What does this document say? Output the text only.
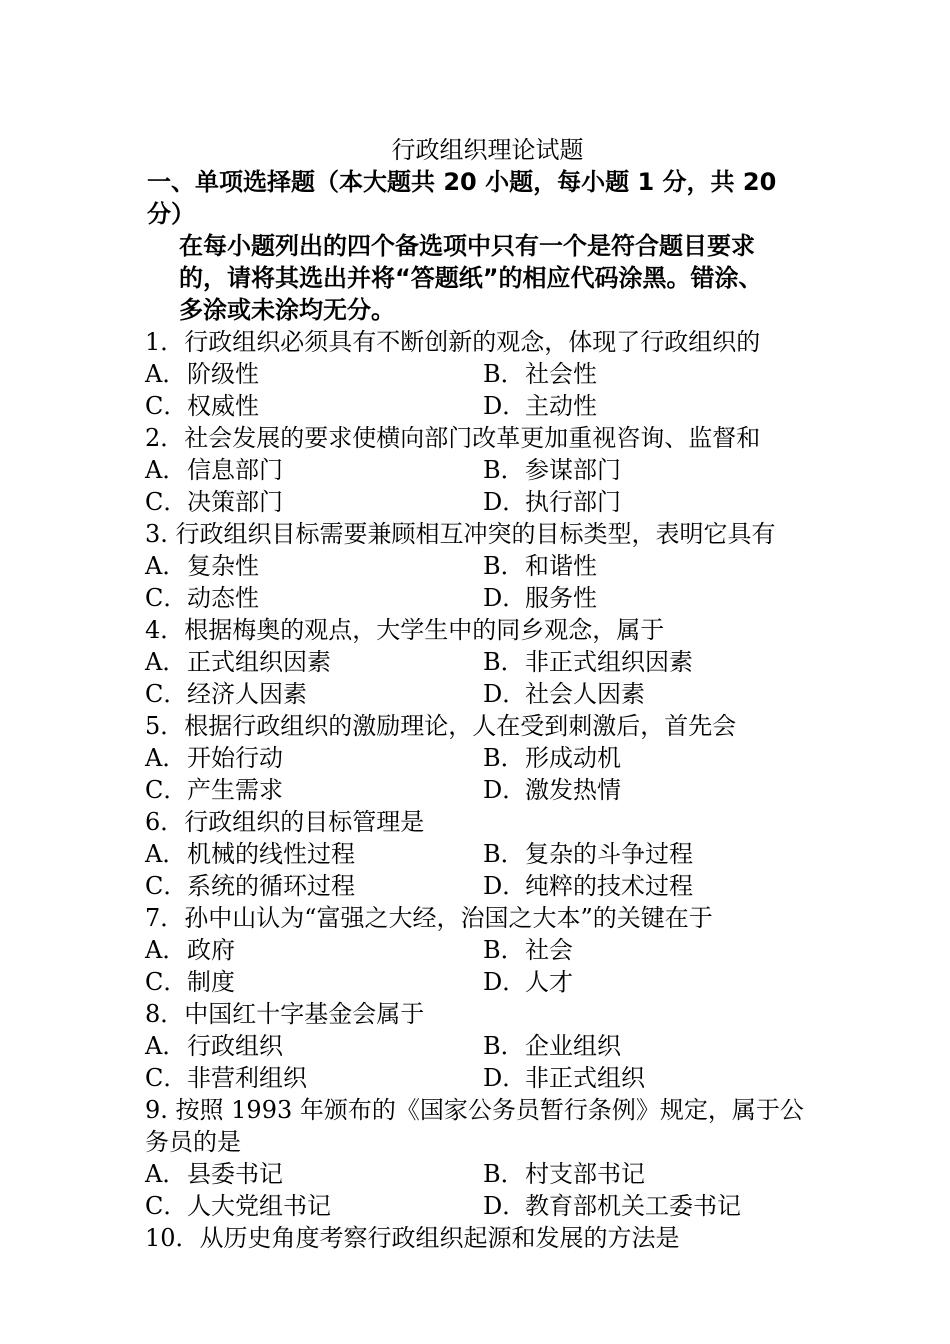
行政组织理论试题
一、单项选择题（本大题共 20 小题，每小题 1 分，共 20 分）
在每小题列出的四个备选项中只有一个是符合题目要求
的，请将其选出并将“答题纸”的相应代码涂黑。错涂、
多涂或未涂均无分。
1．行政组织必须具有不断创新的观念，体现了行政组织的
A．阶级性	B．社会性
C．权威性	D．主动性
2．社会发展的要求使横向部门改革更加重视咨询、监督和
A．信息部门	B．参谋部门
C．决策部门	D．执行部门
3. 行政组织目标需要兼顾相互冲突的目标类型，表明它具有
A．复杂性	B．和谐性
C．动态性	D．服务性
4．根据梅奥的观点，大学生中的同乡观念，属于
A．正式组织因素	B．非正式组织因素
C．经济人因素	D．社会人因素
5．根据行政组织的激励理论，人在受到刺激后，首先会
A．开始行动	B．形成动机
C．产生需求	D．激发热情
6．行政组织的目标管理是
A．机械的线性过程	B．复杂的斗争过程
C．系统的循环过程	D．纯粹的技术过程
7．孙中山认为“富强之大经，治国之大本”的关键在于
A．政府	B．社会
C．制度	D．人才
8．中国红十字基金会属于
A．行政组织	B．企业组织
C．非营利组织	D．非正式组织
9. 按照 1993 年颁布的《国家公务员暂行条例》规定，属于公务员的是
A．县委书记	B．村支部书记
C．人大党组书记	D．教育部机关工委书记
10．从历史角度考察行政组织起源和发展的方法是
